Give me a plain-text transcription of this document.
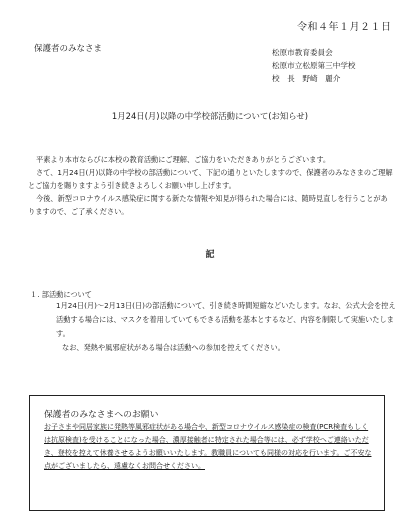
令和４年１月２１日
保護者のみなさま	松原市教育委員会
松原市立松原第三中学校
校　長　野崎　麗介
1月24日(月)以降の中学校部活動について(お知らせ)
平素より本市ならびに本校の教育活動にご理解、ご協力をいただきありがとうございます。
さて、1月24日(月)以降の中学校の部活動について、下記の通りといたしますので、保護者のみなさまのご理解とご協力を賜りますよう引き続きよろしくお願い申し上げます。
今後、新型コロナウイルス感染症に関する新たな情報や知見が得られた場合には、随時見直しを行うことがありますので、ご了承ください。
記
１. 部活動について
1月24日(月)～2月13日(日)の部活動について、引き続き時間短縮などいたします。なお、公式大会を控え活動する場合には、マスクを着用していてもできる活動を基本とするなど、内容を制限して実施いたします。
なお、発熱や風邪症状がある場合は活動への参加を控えてください。
保護者のみなさまへのお願い
お子さまや同居家族に発熱等風邪症状がある場合や、新型コロナウイルス感染症の検査(PCR検査もしくは抗原検査)を受けることになった場合、濃厚接触者に特定された場合等には、必ず学校へご連絡いただき、登校を控えて休養させるようお願いいたします。教職員についても同様の対応を行います。ご不安な点がございましたら、遠慮なくお問合せください。
